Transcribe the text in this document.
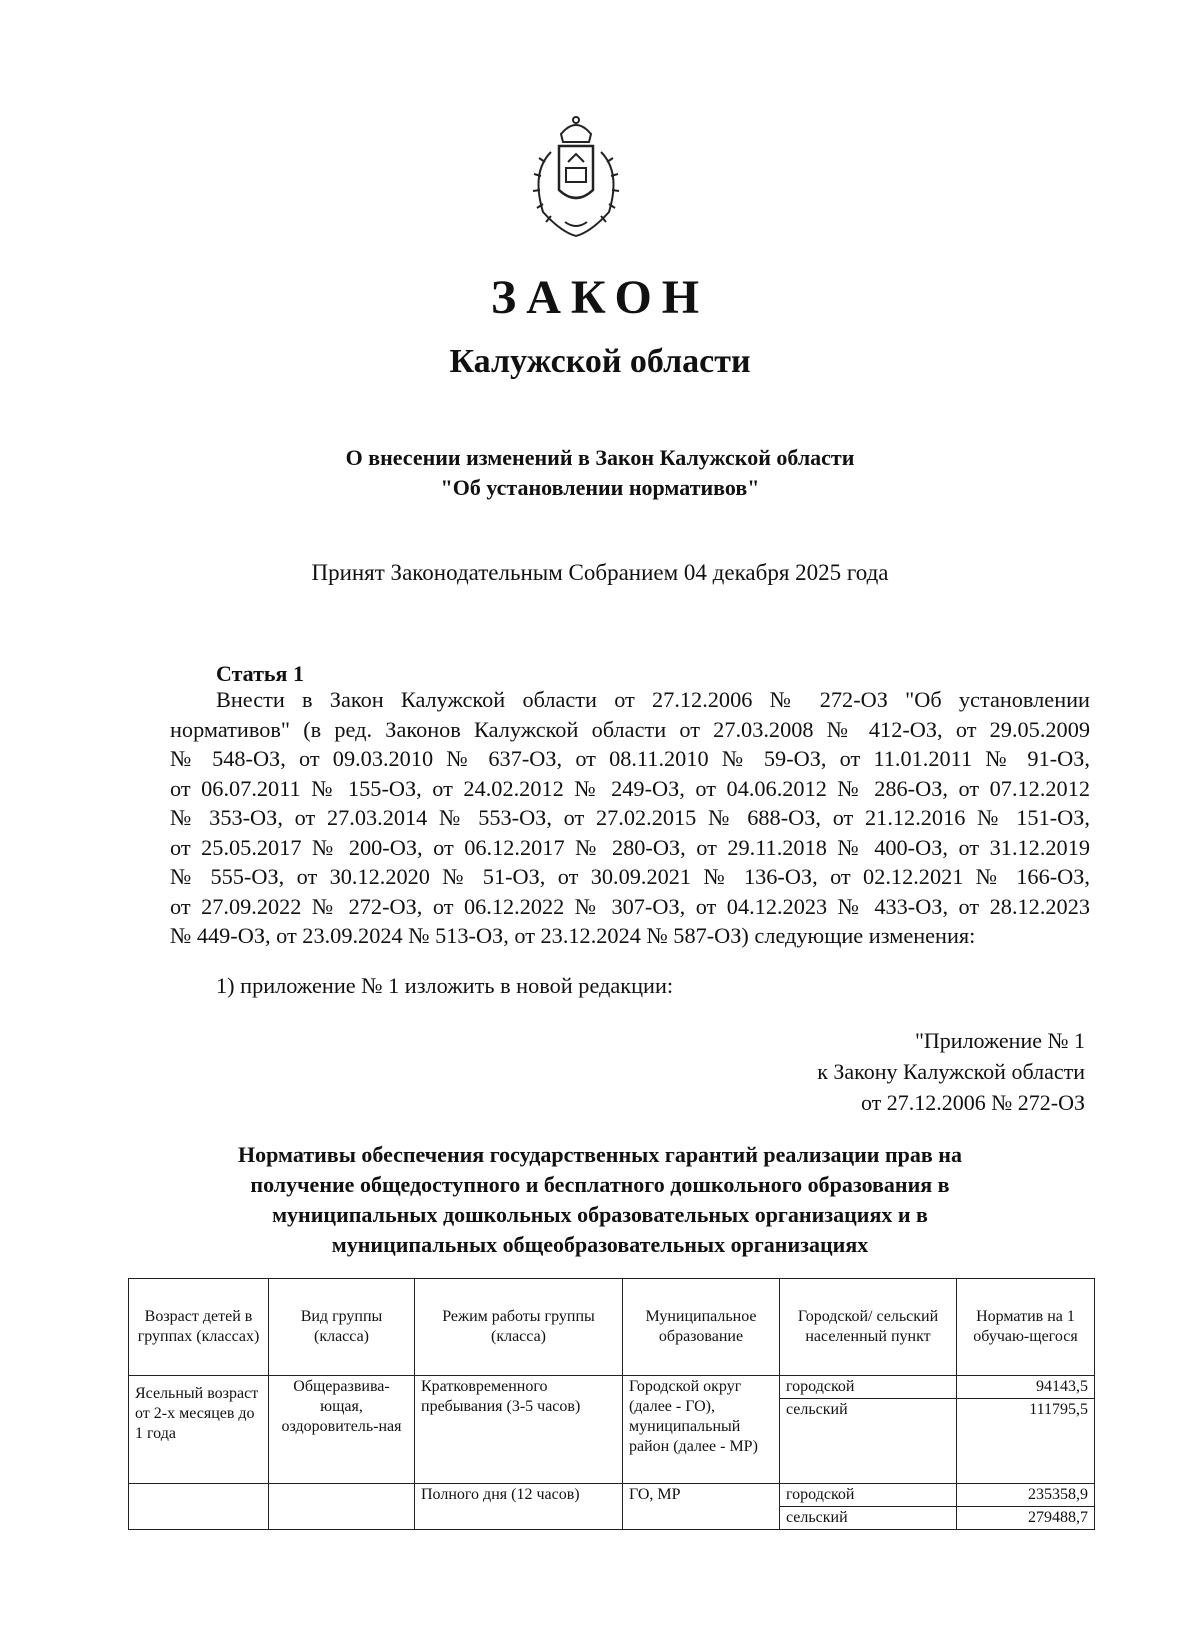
ЗАКОН
Калужской области
О внесении изменений в Закон Калужской области
"Об установлении нормативов"
Принят Законодательным Собранием 04 декабря 2025 года
Статья 1
Внести в Закон Калужской области от 27.12.2006 № 272-ОЗ "Об установлении
нормативов" (в ред. Законов Калужской области от 27.03.2008 № 412-ОЗ, от 29.05.2009
№ 548-ОЗ, от 09.03.2010 № 637-ОЗ, от 08.11.2010 № 59-ОЗ, от 11.01.2011 № 91-ОЗ,
от 06.07.2011 № 155-ОЗ, от 24.02.2012 № 249-ОЗ, от 04.06.2012 № 286-ОЗ, от 07.12.2012
№ 353-ОЗ, от 27.03.2014 № 553-ОЗ, от 27.02.2015 № 688-ОЗ, от 21.12.2016 № 151-ОЗ,
от 25.05.2017 № 200-ОЗ, от 06.12.2017 № 280-ОЗ, от 29.11.2018 № 400-ОЗ, от 31.12.2019
№ 555-ОЗ, от 30.12.2020 № 51-ОЗ, от 30.09.2021 № 136-ОЗ, от 02.12.2021 № 166-ОЗ,
от 27.09.2022 № 272-ОЗ, от 06.12.2022 № 307-ОЗ, от 04.12.2023 № 433-ОЗ, от 28.12.2023
№ 449-ОЗ, от 23.09.2024 № 513-ОЗ, от 23.12.2024 № 587-ОЗ) следующие изменения:
1) приложение № 1 изложить в новой редакции:
"Приложение № 1
к Закону Калужской области
от 27.12.2006 № 272-ОЗ
Нормативы обеспечения государственных гарантий реализации прав на
получение общедоступного и бесплатного дошкольного образования в
муниципальных дошкольных образовательных организациях и в
муниципальных общеобразовательных организациях
Возраст детей в группах (классах)	Вид группы (класса)	Режим работы группы (класса)	Муниципальное образование	Городской/ сельский населенный пункт	Норматив на 1 обучаю-щегося
Ясельный возраст от 2-х месяцев до 1 года	Общеразвива-ющая, оздоровитель-ная	Кратковременного пребывания (3-5 часов)	Городской округ (далее - ГО), муниципальный район (далее - МР)	городской	94143,5
				сельский	111795,5
		Полного дня (12 часов)	ГО, МР	городской	235358,9
				сельский	279488,7
